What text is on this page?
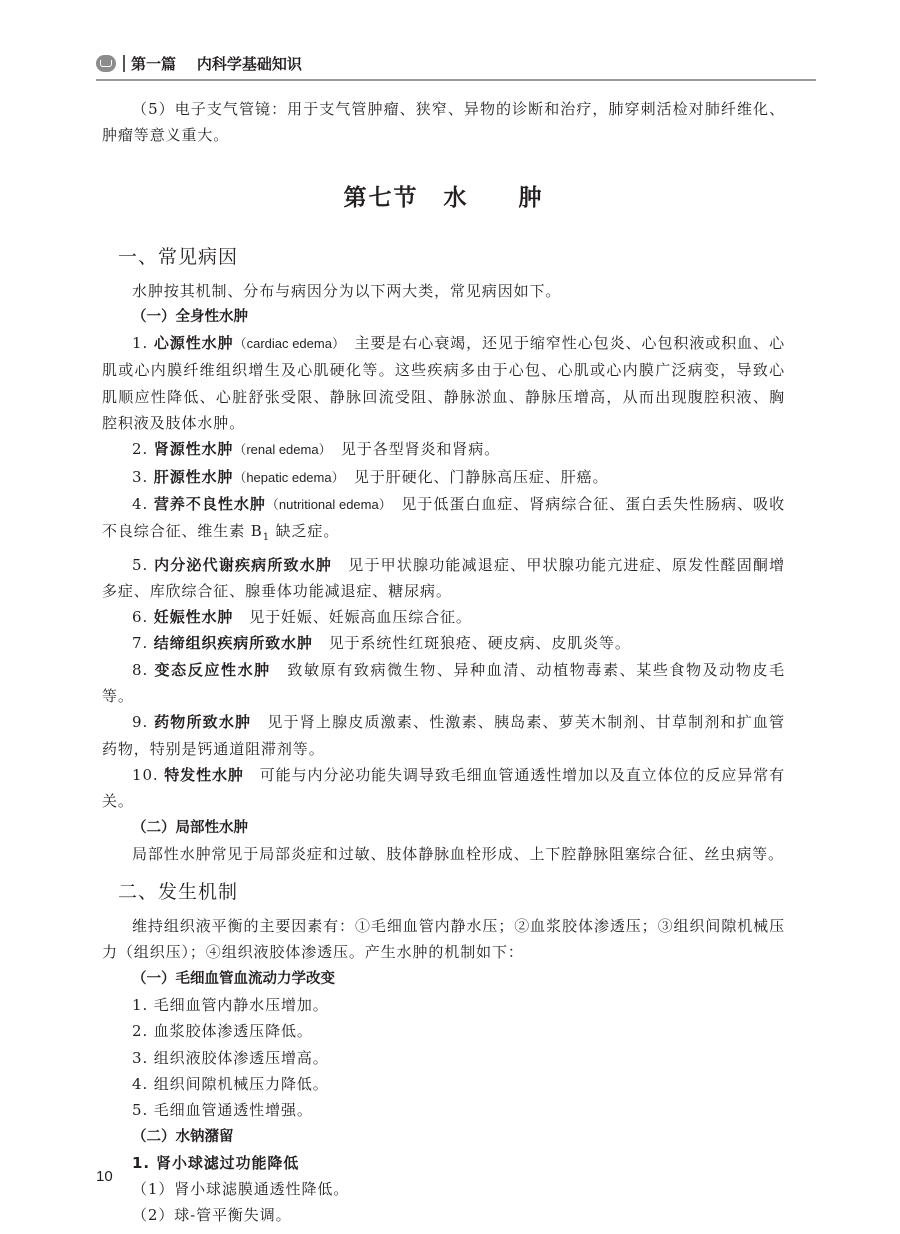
第一篇
内科学基础知识

（5）电子支气管镜：用于支气管肿瘤、狭窄、异物的诊断和治疗，肺穿刺活检对肺纤维化、肿瘤等意义重大。

第七节　水　　肿
一、常见病因

水肿按其机制、分布与病因分为以下两大类，常见病因如下。

（一）全身性水肿

1. 心源性水肿（cardiac edema）　主要是右心衰竭，还见于缩窄性心包炎、心包积液或积血、心肌或心内膜纤维组织增生及心肌硬化等。这些疾病多由于心包、心肌或心内膜广泛病变，导致心肌顺应性降低、心脏舒张受限、静脉回流受阻、静脉淤血、静脉压增高，从而出现腹腔积液、胸腔积液及肢体水肿。

2. 肾源性水肿（renal edema）　见于各型肾炎和肾病。

3. 肝源性水肿（hepatic edema）　见于肝硬化、门静脉高压症、肝癌。

4. 营养不良性水肿（nutritional edema）　见于低蛋白血症、肾病综合征、蛋白丢失性肠病、吸收不良综合征、维生素 $B_1$ 缺乏症。

5. 内分泌代谢疾病所致水肿　见于甲状腺功能减退症、甲状腺功能亢进症、原发性醛固酮增多症、库欣综合征、腺垂体功能减退症、糖尿病。

6. 妊娠性水肿　见于妊娠、妊娠高血压综合征。

7. 结缔组织疾病所致水肿　见于系统性红斑狼疮、硬皮病、皮肌炎等。

8. 变态反应性水肿　致敏原有致病微生物、异种血清、动植物毒素、某些食物及动物皮毛等。

9. 药物所致水肿　见于肾上腺皮质激素、性激素、胰岛素、萝芙木制剂、甘草制剂和扩血管药物，特别是钙通道阻滞剂等。

10. 特发性水肿　可能与内分泌功能失调导致毛细血管通透性增加以及直立体位的反应异常有关。

（二）局部性水肿

局部性水肿常见于局部炎症和过敏、肢体静脉血栓形成、上下腔静脉阻塞综合征、丝虫病等。

二、发生机制

维持组织液平衡的主要因素有：①毛细血管内静水压；②血浆胶体渗透压；③组织间隙机械压力（组织压）；④组织液胶体渗透压。产生水肿的机制如下：

（一）毛细血管血流动力学改变

1. 毛细血管内静水压增加。

2. 血浆胶体渗透压降低。

3. 组织液胶体渗透压增高。

4. 组织间隙机械压力降低。

5. 毛细血管通透性增强。

（二）水钠潴留

1. 肾小球滤过功能降低

（1）肾小球滤膜通透性降低。

（2）球-管平衡失调。

10
